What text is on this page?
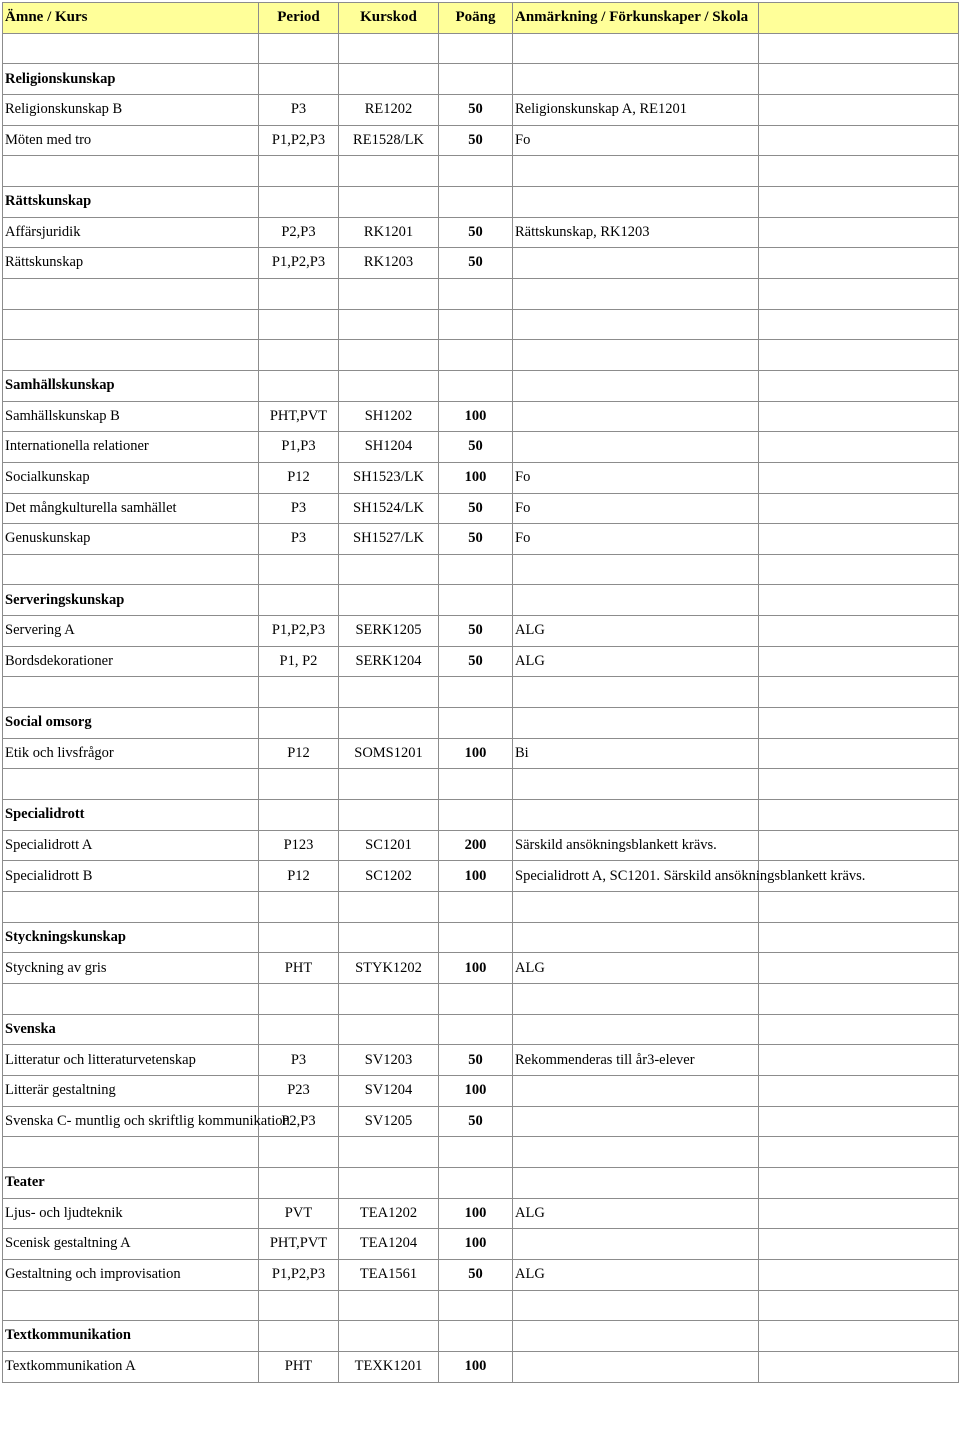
Ämne / Kurs	Period	Kurskod	Poäng	Anmärkning / Förkunskaper / Skola	

Religionskunskap					
Religionskunskap B	P3	RE1202	50	Religionskunskap A, RE1201	
Möten med tro	P1,P2,P3	RE1528/LK	50	Fo	

Rättskunskap					
Affärsjuridik	P2,P3	RK1201	50	Rättskunskap, RK1203	
Rättskunskap	P1,P2,P3	RK1203	50		

Samhällskunskap					
Samhällskunskap B	PHT,PVT	SH1202	100		
Internationella relationer	P1,P3	SH1204	50		
Socialkunskap	P12	SH1523/LK	100	Fo	
Det mångkulturella samhället	P3	SH1524/LK	50	Fo	
Genuskunskap	P3	SH1527/LK	50	Fo	

Serveringskunskap					
Servering A	P1,P2,P3	SERK1205	50	ALG	
Bordsdekorationer	P1, P2	SERK1204	50	ALG	

Social omsorg					
Etik och livsfrågor	P12	SOMS1201	100	Bi	

Specialidrott					
Specialidrott A	P123	SC1201	200	Särskild ansökningsblankett krävs.	
Specialidrott B	P12	SC1202	100	Specialidrott A, SC1201. Särskild ansökningsblankett krävs.	

Styckningskunskap					
Styckning av gris	PHT	STYK1202	100	ALG	

Svenska					
Litteratur och litteraturvetenskap	P3	SV1203	50	Rekommenderas till år3-elever	
Litterär gestaltning	P23	SV1204	100		

Svenska C- muntlig och skriftlig kommunikation	P2,P3	SV1205	50		

Teater					
Ljus- och ljudteknik	PVT	TEA1202	100	ALG	
Scenisk gestaltning A	PHT,PVT	TEA1204	100		
Gestaltning och improvisation	P1,P2,P3	TEA1561	50	ALG	

Textkommunikation					
Textkommunikation A	PHT	TEXK1201	100		
